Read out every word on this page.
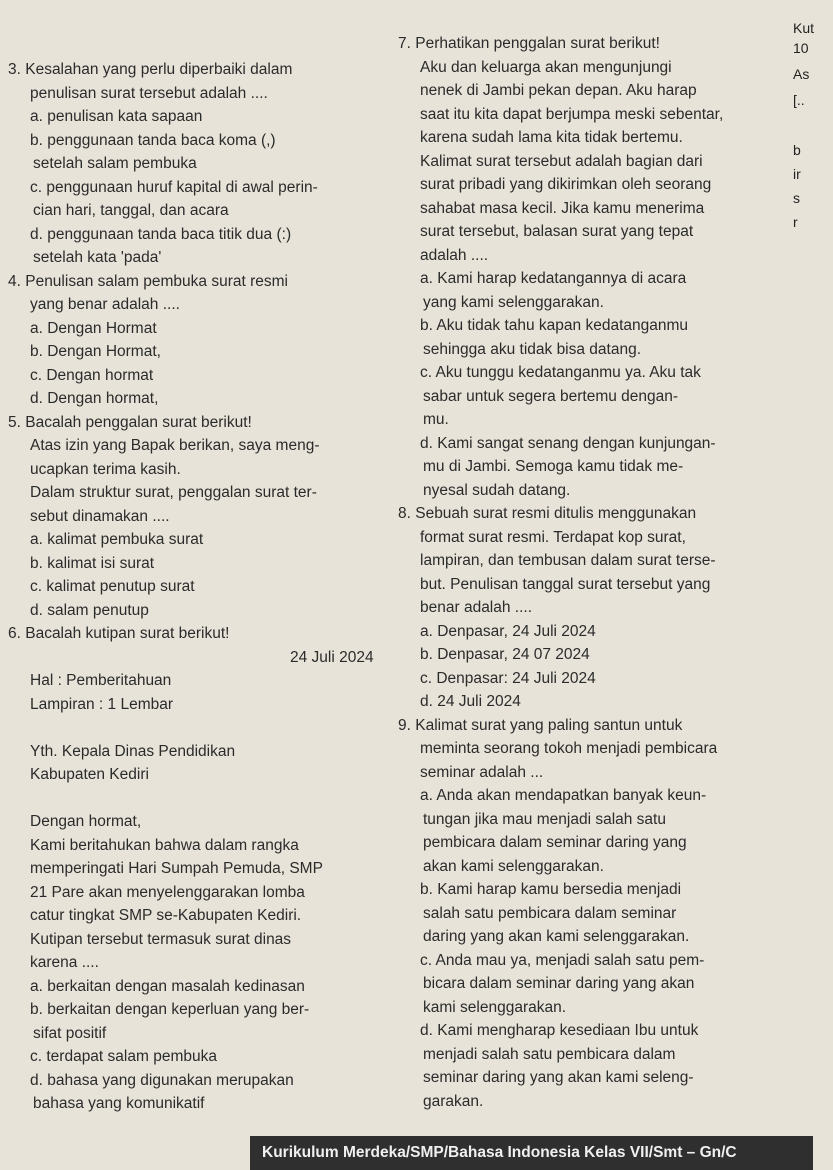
3. Kesalahan yang perlu diperbaiki dalam
penulisan surat tersebut adalah ....
a. penulisan kata sapaan
b. penggunaan tanda baca koma (,)
setelah salam pembuka
c. penggunaan huruf kapital di awal perin-
cian hari, tanggal, dan acara
d. penggunaan tanda baca titik dua (:)
setelah kata 'pada'
4. Penulisan salam pembuka surat resmi
yang benar adalah ....
a. Dengan Hormat
b. Dengan Hormat,
c. Dengan hormat
d. Dengan hormat,
5. Bacalah penggalan surat berikut!
Atas izin yang Bapak berikan, saya meng-
ucapkan terima kasih.
Dalam struktur surat, penggalan surat ter-
sebut dinamakan ....
a. kalimat pembuka surat
b. kalimat isi surat
c. kalimat penutup surat
d. salam penutup
6. Bacalah kutipan surat berikut!
24 Juli 2024
Hal : Pemberitahuan
Lampiran : 1 Lembar

Yth. Kepala Dinas Pendidikan
Kabupaten Kediri

Dengan hormat,
Kami beritahukan bahwa dalam rangka
memperingati Hari Sumpah Pemuda, SMP
21 Pare akan menyelenggarakan lomba
catur tingkat SMP se-Kabupaten Kediri.
Kutipan tersebut termasuk surat dinas
karena ....
a. berkaitan dengan masalah kedinasan
b. berkaitan dengan keperluan yang ber-
sifat positif
c. terdapat salam pembuka
d. bahasa yang digunakan merupakan
bahasa yang komunikatif
7. Perhatikan penggalan surat berikut!
Aku dan keluarga akan mengunjungi
nenek di Jambi pekan depan. Aku harap
saat itu kita dapat berjumpa meski sebentar,
karena sudah lama kita tidak bertemu.
Kalimat surat tersebut adalah bagian dari
surat pribadi yang dikirimkan oleh seorang
sahabat masa kecil. Jika kamu menerima
surat tersebut, balasan surat yang tepat
adalah ....
a. Kami harap kedatangannya di acara
yang kami selenggarakan.
b. Aku tidak tahu kapan kedatanganmu
sehingga aku tidak bisa datang.
c. Aku tunggu kedatanganmu ya. Aku tak
sabar untuk segera bertemu dengan-
mu.
d. Kami sangat senang dengan kunjungan-
mu di Jambi. Semoga kamu tidak me-
nyesal sudah datang.
8. Sebuah surat resmi ditulis menggunakan
format surat resmi. Terdapat kop surat,
lampiran, dan tembusan dalam surat terse-
but. Penulisan tanggal surat tersebut yang
benar adalah ....
a. Denpasar, 24 Juli 2024
b. Denpasar, 24 07 2024
c. Denpasar: 24 Juli 2024
d. 24 Juli 2024
9. Kalimat surat yang paling santun untuk
meminta seorang tokoh menjadi pembicara
seminar adalah ...
a. Anda akan mendapatkan banyak keun-
tungan jika mau menjadi salah satu
pembicara dalam seminar daring yang
akan kami selenggarakan.
b. Kami harap kamu bersedia menjadi
salah satu pembicara dalam seminar
daring yang akan kami selenggarakan.
c. Anda mau ya, menjadi salah satu pem-
bicara dalam seminar daring yang akan
kami selenggarakan.
d. Kami mengharap kesediaan Ibu untuk
menjadi salah satu pembicara dalam
seminar daring yang akan kami seleng-
garakan.
Kut
10
As
[..
b
ir
s
r
Kurikulum Merdeka/SMP/Bahasa Indonesia Kelas VII/Smt – Gn/C
